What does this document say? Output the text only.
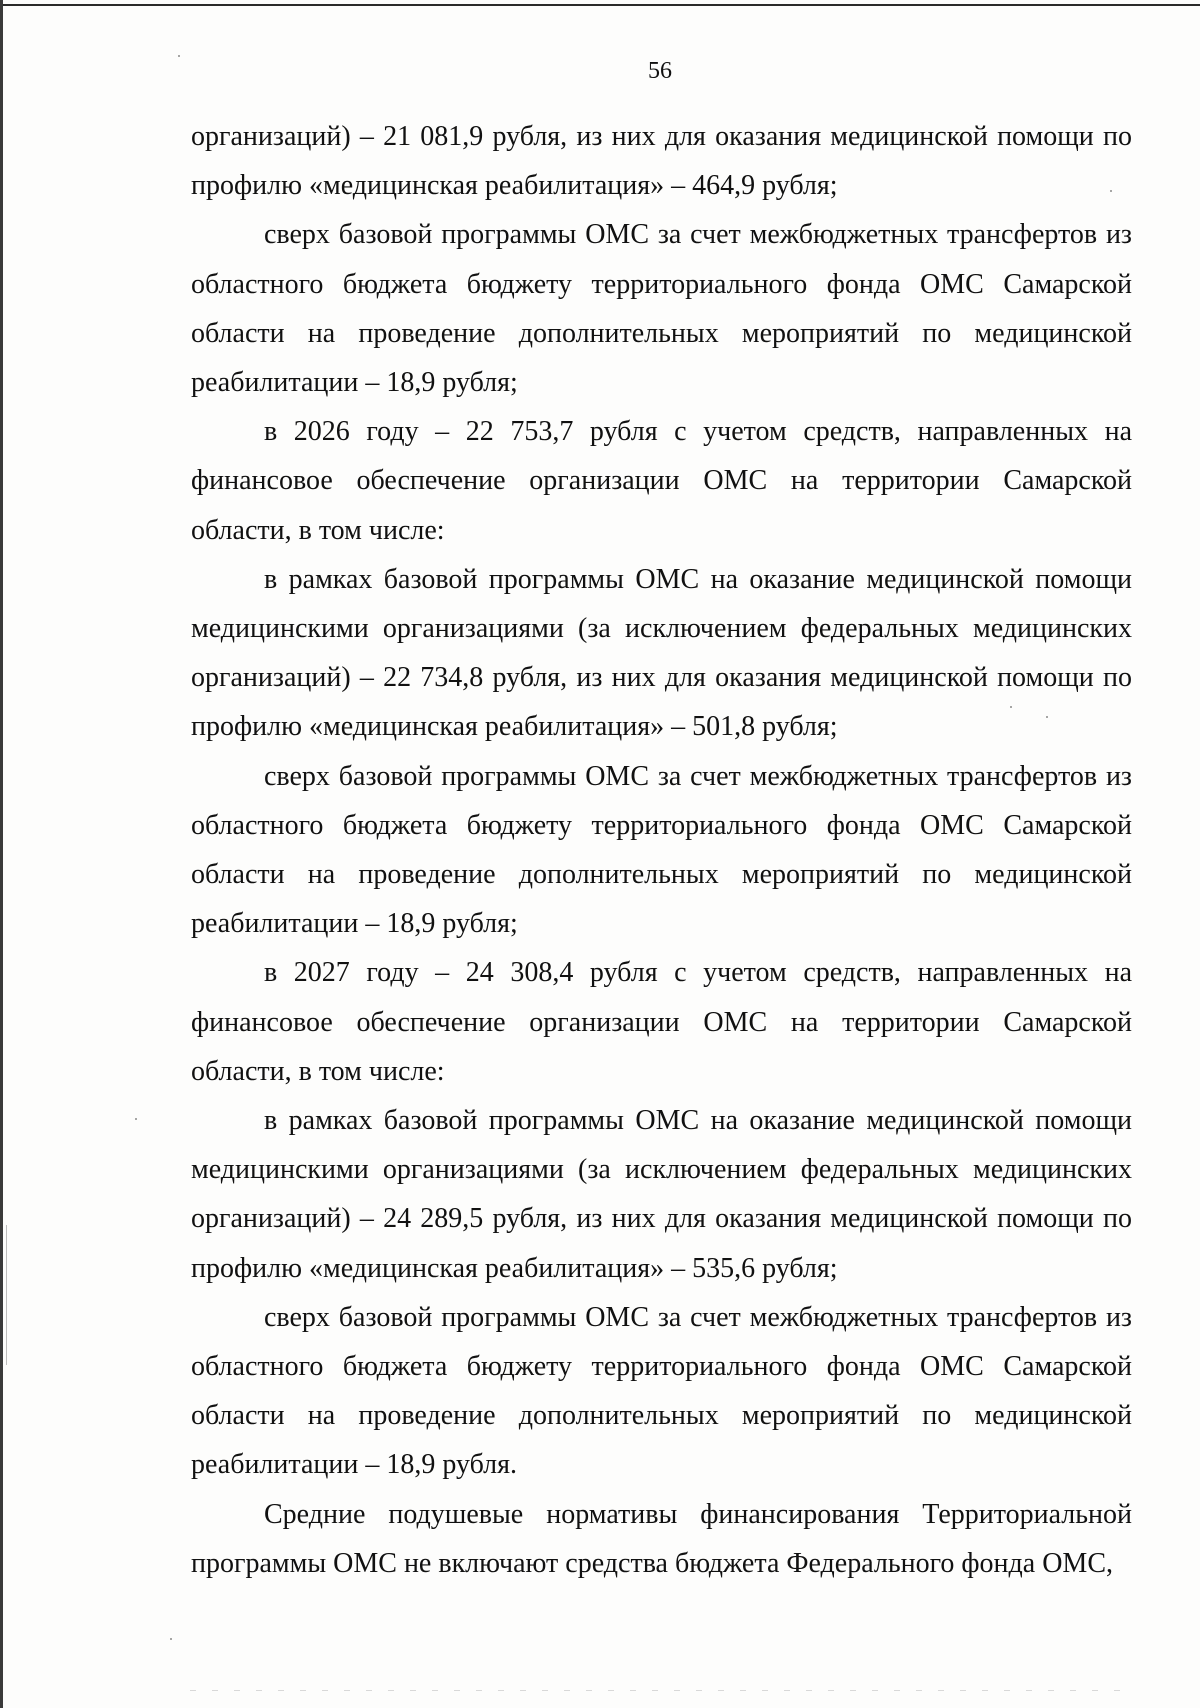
56

организаций) – 21 081,9 рубля, из них для оказания медицинской помощи по профилю «медицинская реабилитация» – 464,9 рубля;

сверх базовой программы ОМС за счет межбюджетных трансфертов из областного бюджета бюджету территориального фонда ОМС Самарской области на проведение дополнительных мероприятий по медицинской реабилитации – 18,9 рубля;

в 2026 году – 22 753,7 рубля с учетом средств, направленных на финансовое обеспечение организации ОМС на территории Самарской области, в том числе:

в рамках базовой программы ОМС на оказание медицинской помощи медицинскими организациями (за исключением федеральных медицинских организаций) – 22 734,8 рубля, из них для оказания медицинской помощи по профилю «медицинская реабилитация» – 501,8 рубля;

сверх базовой программы ОМС за счет межбюджетных трансфертов из областного бюджета бюджету территориального фонда ОМС Самарской области на проведение дополнительных мероприятий по медицинской реабилитации – 18,9 рубля;

в 2027 году – 24 308,4 рубля с учетом средств, направленных на финансовое обеспечение организации ОМС на территории Самарской области, в том числе:

в рамках базовой программы ОМС на оказание медицинской помощи медицинскими организациями (за исключением федеральных медицинских организаций) – 24 289,5 рубля, из них для оказания медицинской помощи по профилю «медицинская реабилитация» – 535,6 рубля;

сверх базовой программы ОМС за счет межбюджетных трансфертов из областного бюджета бюджету территориального фонда ОМС Самарской области на проведение дополнительных мероприятий по медицинской реабилитации – 18,9 рубля.

Средние подушевые нормативы финансирования Территориальной программы ОМС не включают средства бюджета Федерального фонда ОМС,
